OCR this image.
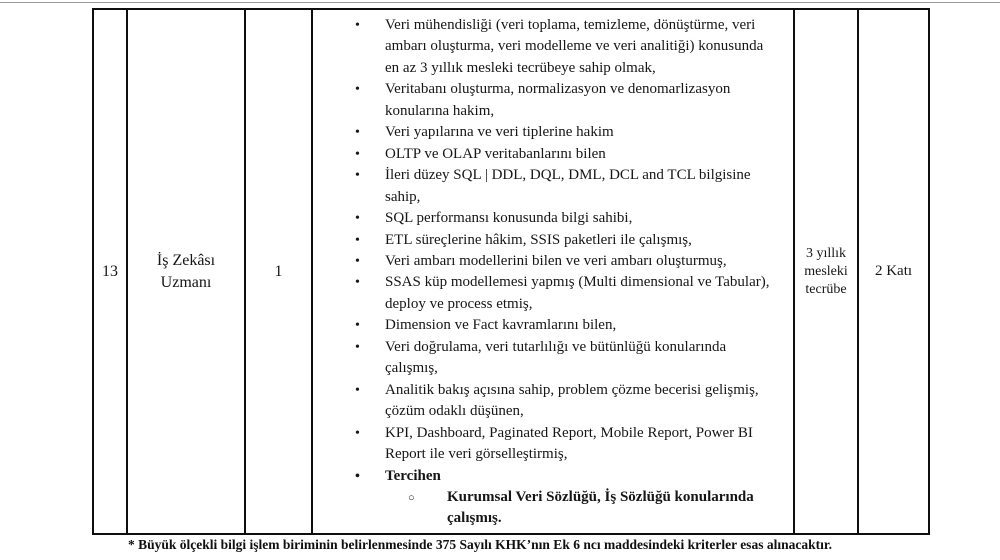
13
İş Zekâsı Uzmanı
1
• Veri mühendisliği (veri toplama, temizleme, dönüştürme, veri ambarı oluşturma, veri modelleme ve veri analitiği) konusunda en az 3 yıllık mesleki tecrübeye sahip olmak,
• Veritabanı oluşturma, normalizasyon ve denomarlizasyon konularına hakim,
• Veri yapılarına ve veri tiplerine hakim
• OLTP ve OLAP veritabanlarını bilen
• İleri düzey SQL | DDL, DQL, DML, DCL and TCL bilgisine sahip,
• SQL performansı konusunda bilgi sahibi,
• ETL süreçlerine hâkim, SSIS paketleri ile çalışmış,
• Veri ambarı modellerini bilen ve veri ambarı oluşturmuş,
• SSAS küp modellemesi yapmış (Multi dimensional ve Tabular), deploy ve process etmiş,
• Dimension ve Fact kavramlarını bilen,
• Veri doğrulama, veri tutarlılığı ve bütünlüğü konularında çalışmış,
• Analitik bakış açısına sahip, problem çözme becerisi gelişmiş, çözüm odaklı düşünen,
• KPI, Dashboard, Paginated Report, Mobile Report, Power BI Report ile veri görselleştirmiş,
• Tercihen
○ Kurumsal Veri Sözlüğü, İş Sözlüğü konularında çalışmış.
3 yıllık mesleki tecrübe
2 Katı
* Büyük ölçekli bilgi işlem biriminin belirlenmesinde 375 Sayılı KHK’nın Ek 6 ncı maddesindeki kriterler esas alınacaktır.
